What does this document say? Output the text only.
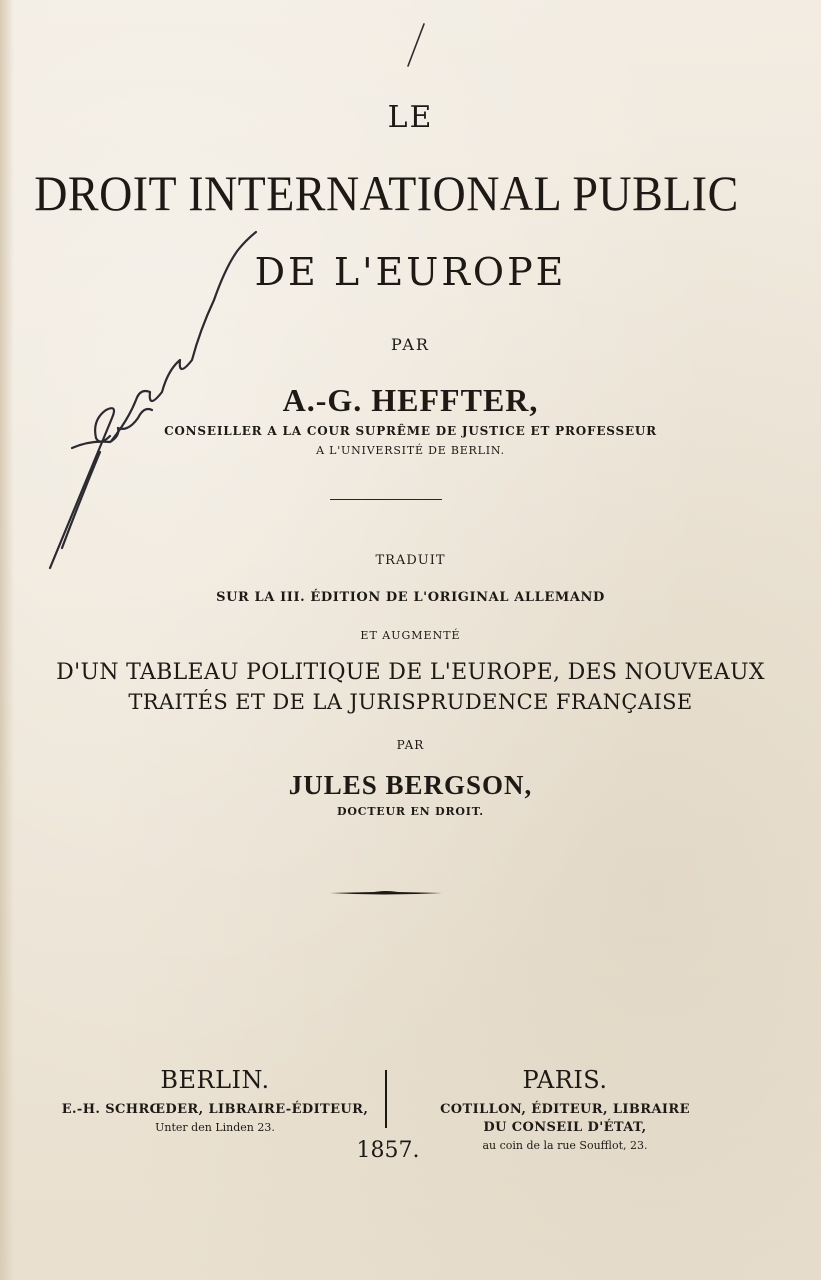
LE
DROIT INTERNATIONAL PUBLIC
DE L'EUROPE
PAR
A.-G. HEFFTER,
CONSEILLER A LA COUR SUPRÊME DE JUSTICE ET PROFESSEUR
A L'UNIVERSITÉ DE BERLIN.
TRADUIT
SUR LA III. ÉDITION DE L'ORIGINAL ALLEMAND
ET AUGMENTÉ
D'UN TABLEAU POLITIQUE DE L'EUROPE, DES NOUVEAUX
TRAITÉS ET DE LA JURISPRUDENCE FRANÇAISE
PAR
JULES BERGSON,
DOCTEUR EN DROIT.
BERLIN.
E.-H. SCHRŒDER, LIBRAIRE-ÉDITEUR,
Unter den Linden 23.
PARIS.
COTILLON, ÉDITEUR, LIBRAIRE
DU CONSEIL D'ÉTAT,
au coin de la rue Soufflot, 23.
1857.
